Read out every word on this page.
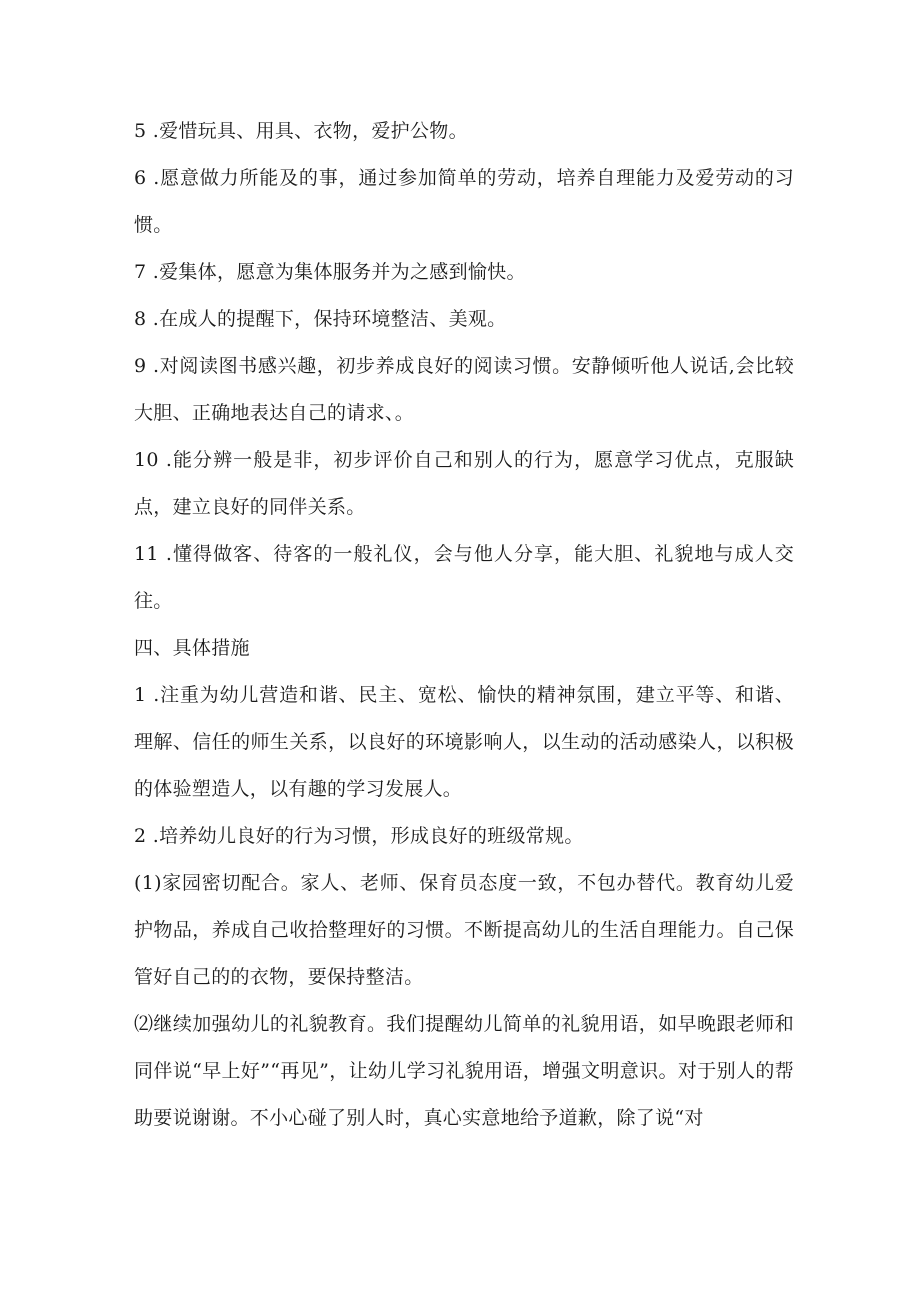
5 .爱惜玩具、用具、衣物，爱护公物。

6 .愿意做力所能及的事，通过参加简单的劳动，培养自理能力及爱劳动的习惯。

7 .爱集体，愿意为集体服务并为之感到愉快。

8 .在成人的提醒下，保持环境整洁、美观。

9 .对阅读图书感兴趣，初步养成良好的阅读习惯。安静倾听他人说话,会比较大胆、正确地表达自己的请求、。

10 .能分辨一般是非，初步评价自己和别人的行为，愿意学习优点，克服缺点，建立良好的同伴关系。

11 .懂得做客、待客的一般礼仪，会与他人分享，能大胆、礼貌地与成人交往。

四、具体措施

1 .注重为幼儿营造和谐、民主、宽松、愉快的精神氛围，建立平等、和谐、理解、信任的师生关系，以良好的环境影响人，以生动的活动感染人，以积极的体验塑造人，以有趣的学习发展人。

2 .培养幼儿良好的行为习惯，形成良好的班级常规。

(1)家园密切配合。家人、老师、保育员态度一致，不包办替代。教育幼儿爱护物品，养成自己收拾整理好的习惯。不断提高幼儿的生活自理能力。自己保管好自己的的衣物，要保持整洁。

⑵继续加强幼儿的礼貌教育。我们提醒幼儿简单的礼貌用语，如早晚跟老师和同伴说“早上好”“再见”，让幼儿学习礼貌用语，增强文明意识。对于别人的帮助要说谢谢。不小心碰了别人时，真心实意地给予道歉，除了说“对
